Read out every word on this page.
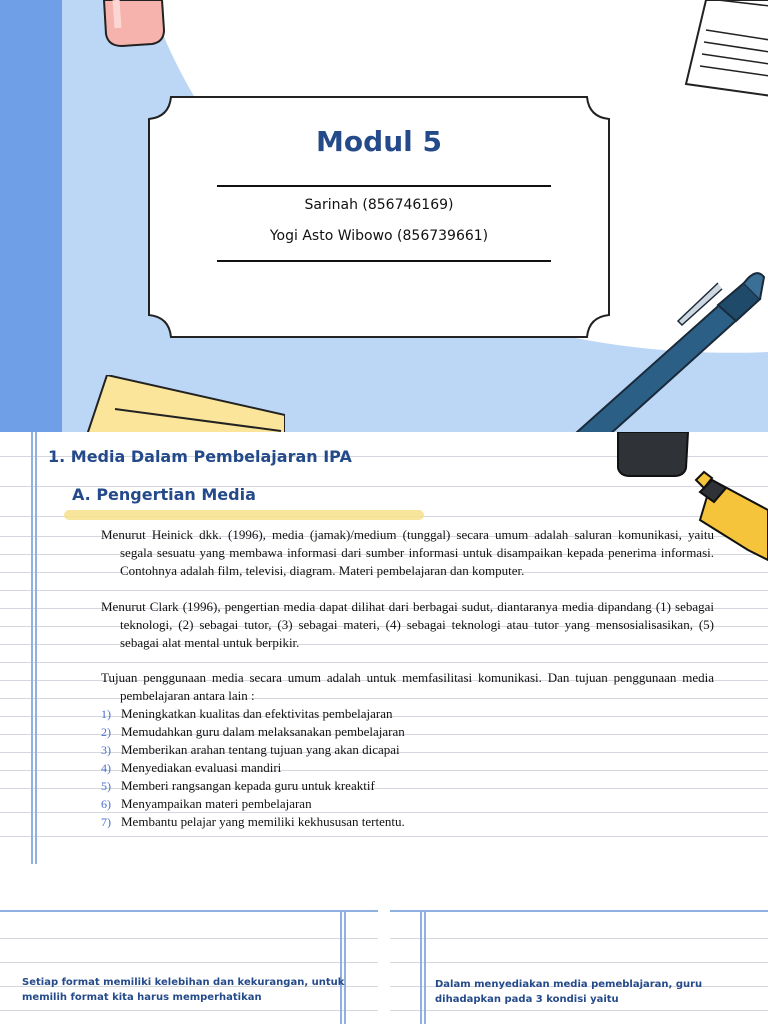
Modul 5
Sarinah (856746169)
Yogi Asto Wibowo (856739661)
1. Media Dalam Pembelajaran IPA
A. Pengertian Media

Menurut Heinick dkk. (1996), media (jamak)/medium (tunggal) secara umum adalah saluran komunikasi, yaitu segala sesuatu yang membawa informasi dari sumber informasi untuk disampaikan kepada penerima informasi. Contohnya adalah film, televisi, diagram. Materi pembelajaran dan komputer.

Menurut Clark (1996), pengertian media dapat dilihat dari berbagai sudut, diantaranya media dipandang (1) sebagai teknologi, (2) sebagai tutor, (3) sebagai materi, (4) sebagai teknologi atau tutor yang mensosialisasikan, (5) sebagai alat mental untuk berpikir.

Tujuan penggunaan media secara umum adalah untuk memfasilitasi komunikasi. Dan tujuan penggunaan media pembelajaran antara lain :

1) Meningkatkan kualitas dan efektivitas pembelajaran
2) Memudahkan guru dalam melaksanakan pembelajaran
3) Memberikan arahan tentang tujuan yang akan dicapai
4) Menyediakan evaluasi mandiri
5) Memberi rangsangan kepada guru untuk kreaktif
6) Menyampaikan materi pembelajaran
7) Membantu pelajar yang memiliki kekhususan tertentu.
Setiap format memiliki kelebihan dan kekurangan, untuk
memilih format kita harus memperhatikan
Dalam menyediakan media pemeblajaran, guru
dihadapkan pada 3 kondisi yaitu
